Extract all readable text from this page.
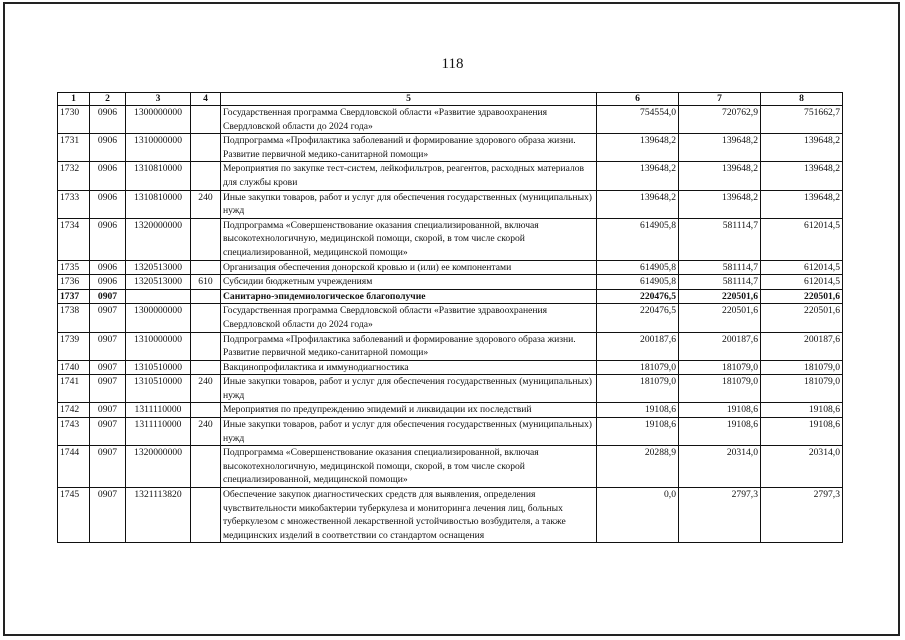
118
1	2	3	4	5	6	7	8
1730	0906	1300000000		Государственная программа Свердловской области «Развитие здравоохранения Свердловской области до 2024 года»	754554,0	720762,9	751662,7
1731	0906	1310000000		Подпрограмма «Профилактика заболеваний и формирование здорового образа жизни. Развитие первичной медико-санитарной помощи»	139648,2	139648,2	139648,2
1732	0906	1310810000		Мероприятия по закупке тест-систем, лейкофильтров, реагентов, расходных материалов для службы крови	139648,2	139648,2	139648,2
1733	0906	1310810000	240	Иные закупки товаров, работ и услуг для обеспечения государственных (муниципальных) нужд	139648,2	139648,2	139648,2
1734	0906	1320000000		Подпрограмма «Совершенствование оказания специализированной, включая высокотехнологичную, медицинской помощи, скорой, в том числе скорой специализированной, медицинской помощи»	614905,8	581114,7	612014,5
1735	0906	1320513000		Организация обеспечения донорской кровью и (или) ее компонентами	614905,8	581114,7	612014,5
1736	0906	1320513000	610	Субсидии бюджетным учреждениям	614905,8	581114,7	612014,5
1737	0907			Санитарно-эпидемиологическое благополучие	220476,5	220501,6	220501,6
1738	0907	1300000000		Государственная программа Свердловской области «Развитие здравоохранения Свердловской области до 2024 года»	220476,5	220501,6	220501,6
1739	0907	1310000000		Подпрограмма «Профилактика заболеваний и формирование здорового образа жизни. Развитие первичной медико-санитарной помощи»	200187,6	200187,6	200187,6
1740	0907	1310510000		Вакцинопрофилактика и иммунодиагностика	181079,0	181079,0	181079,0
1741	0907	1310510000	240	Иные закупки товаров, работ и услуг для обеспечения государственных (муниципальных) нужд	181079,0	181079,0	181079,0
1742	0907	1311110000		Мероприятия по предупреждению эпидемий и ликвидации их последствий	19108,6	19108,6	19108,6
1743	0907	1311110000	240	Иные закупки товаров, работ и услуг для обеспечения государственных (муниципальных) нужд	19108,6	19108,6	19108,6
1744	0907	1320000000		Подпрограмма «Совершенствование оказания специализированной, включая высокотехнологичную, медицинской помощи, скорой, в том числе скорой специализированной, медицинской помощи»	20288,9	20314,0	20314,0
1745	0907	1321113820		Обеспечение закупок диагностических средств для выявления, определения чувствительности микобактерии туберкулеза и мониторинга лечения лиц, больных туберкулезом с множественной лекарственной устойчивостью возбудителя, а также медицинских изделий в соответствии со стандартом оснащения	0,0	2797,3	2797,3
